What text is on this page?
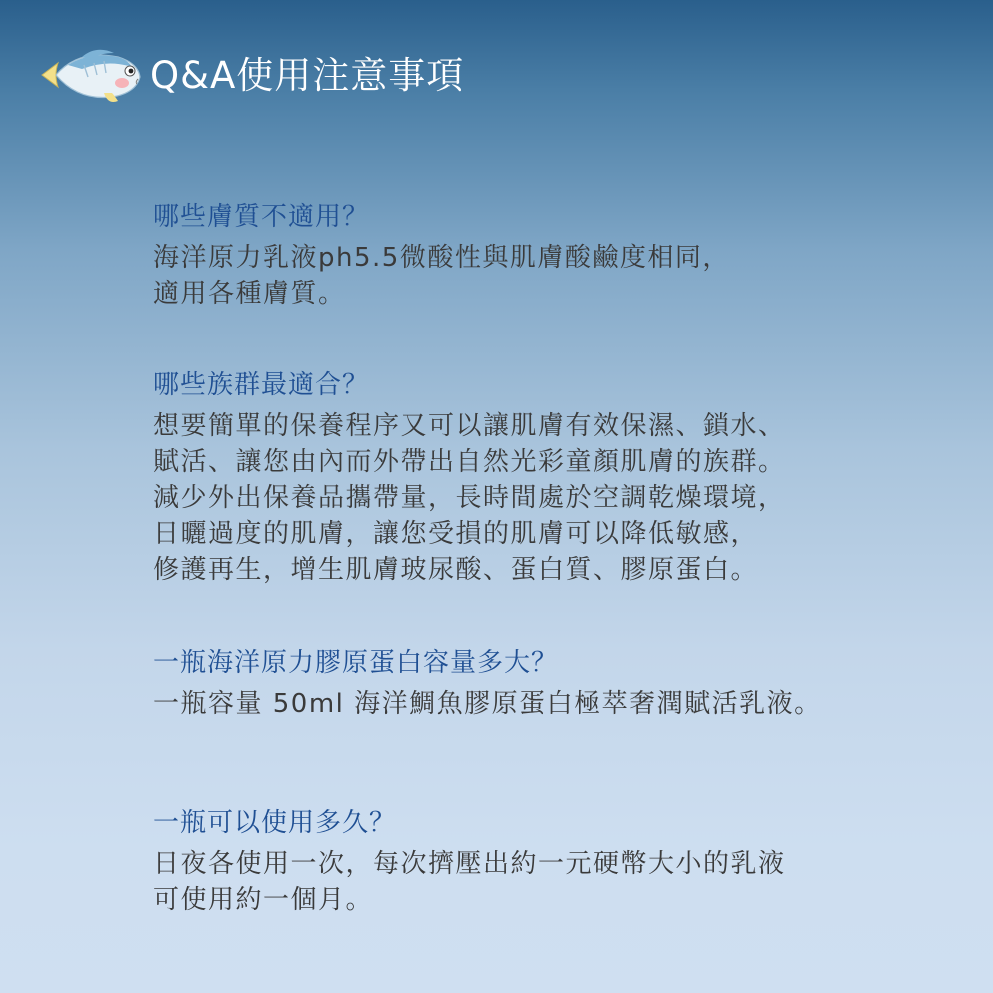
Q&A使用注意事項
哪些膚質不適用？
海洋原力乳液ph5.5微酸性與肌膚酸鹼度相同，
適用各種膚質。
哪些族群最適合？
想要簡單的保養程序又可以讓肌膚有效保濕、鎖水、
賦活、讓您由內而外帶出自然光彩童顏肌膚的族群。
減少外出保養品攜帶量，長時間處於空調乾燥環境，
日曬過度的肌膚，讓您受損的肌膚可以降低敏感，
修護再生，增生肌膚玻尿酸、蛋白質、膠原蛋白。
一瓶海洋原力膠原蛋白容量多大？
一瓶容量 50ml 海洋鯛魚膠原蛋白極萃奢潤賦活乳液。
一瓶可以使用多久？
日夜各使用一次，每次擠壓出約一元硬幣大小的乳液
可使用約一個月。
